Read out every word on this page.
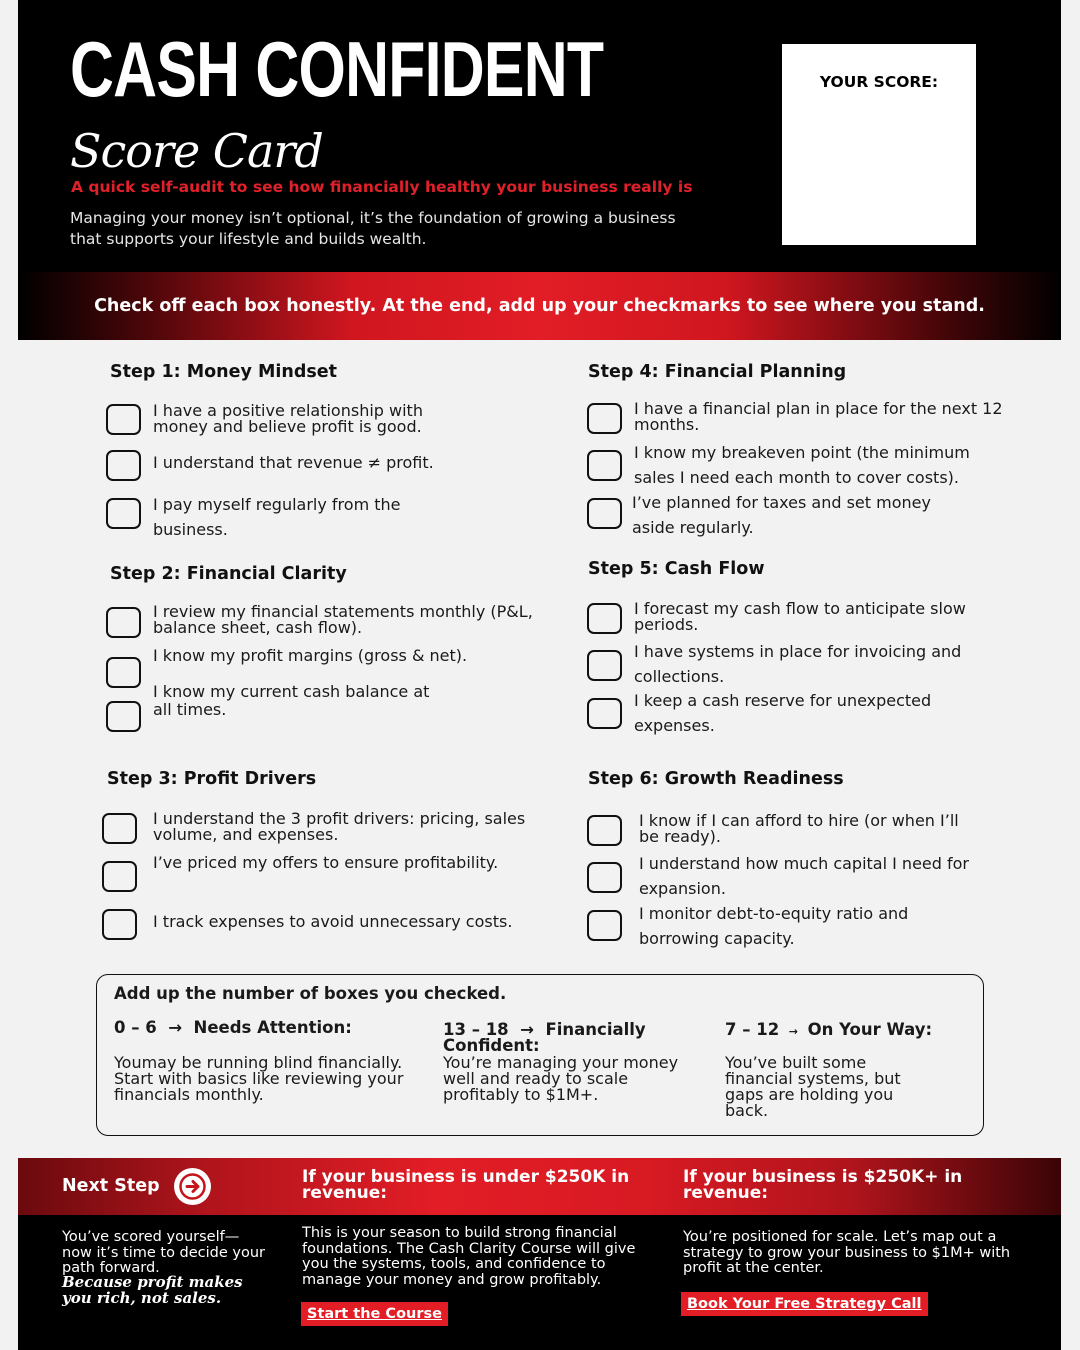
CASH CONFIDENT
Score Card
A quick self-audit to see how financially healthy your business really is
Managing your money isn’t optional, it’s the foundation of growing a business that supports your lifestyle and builds wealth.
YOUR SCORE:
Check off each box honestly. At the end, add up your checkmarks to see where you stand.
Step 1: Money Mindset
I have a positive relationship with money and believe profit is good.
I understand that revenue ≠ profit.
I pay myself regularly from the business.
Step 2: Financial Clarity
I review my financial statements monthly (P&L, balance sheet, cash flow).
I know my profit margins (gross & net).
I know my current cash balance at all times.
Step 3: Profit Drivers
I understand the 3 profit drivers: pricing, sales volume, and expenses.
I’ve priced my offers to ensure profitability.
I track expenses to avoid unnecessary costs.
Step 4: Financial Planning
I have a financial plan in place for the next 12 months.
I know my breakeven point (the minimum sales I need each month to cover costs).
I’ve planned for taxes and set money aside regularly.
Step 5: Cash Flow
I forecast my cash flow to anticipate slow periods.
I have systems in place for invoicing and collections.
I keep a cash reserve for unexpected expenses.
Step 6: Growth Readiness
I know if I can afford to hire (or when I’ll be ready).
I understand how much capital I need for expansion.
I monitor debt-to-equity ratio and borrowing capacity.
Add up the number of boxes you checked.
0 – 6  →  Needs Attention:
Youmay be running blind financially. Start with basics like reviewing your financials monthly.
13 – 18  →  Financially Confident:
You’re managing your money well and ready to scale profitably to $1M+.
7 – 12  →  On Your Way:
You’ve built some financial systems, but gaps are holding you back.
Next Step	If your business is under $250K in revenue:
If your business is $250K+ in revenue:
You’ve scored yourself—now it’s time to decide your path forward.
Because profit makes you rich, not sales.
This is your season to build strong financial foundations. The Cash Clarity Course will give you the systems, tools, and confidence to manage your money and grow profitably.
Start the Course
You’re positioned for scale. Let’s map out a strategy to grow your business to $1M+ with profit at the center.
Book Your Free Strategy Call
